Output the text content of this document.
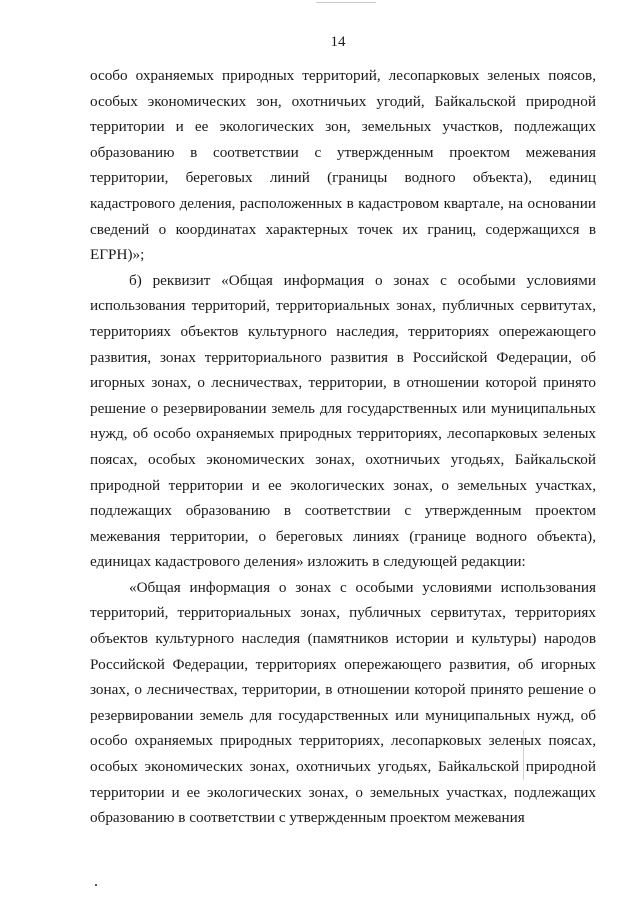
14

особо охраняемых природных территорий, лесопарковых зеленых поясов, особых экономических зон, охотничьих угодий, Байкальской природной территории и ее экологических зон, земельных участков, подлежащих образованию в соответствии с утвержденным проектом межевания территории, береговых линий (границы водного объекта), единиц кадастрового деления, расположенных в кадастровом квартале, на основании сведений о координатах характерных точек их границ, содержащихся в ЕГРН)»;

б) реквизит «Общая информация о зонах с особыми условиями использования территорий, территориальных зонах, публичных сервитутах, территориях объектов культурного наследия, территориях опережающего развития, зонах территориального развития в Российской Федерации, об игорных зонах, о лесничествах, территории, в отношении которой принято решение о резервировании земель для государственных или муниципальных нужд, об особо охраняемых природных территориях, лесопарковых зеленых поясах, особых экономических зонах, охотничьих угодьях, Байкальской природной территории и ее экологических зонах, о земельных участках, подлежащих образованию в соответствии с утвержденным проектом межевания территории, о береговых линиях (границе водного объекта), единицах кадастрового деления» изложить в следующей редакции:

«Общая информация о зонах с особыми условиями использования территорий, территориальных зонах, публичных сервитутах, территориях объектов культурного наследия (памятников истории и культуры) народов Российской Федерации, территориях опережающего развития, об игорных зонах, о лесничествах, территории, в отношении которой принято решение о резервировании земель для государственных или муниципальных нужд, об особо охраняемых природных территориях, лесопарковых зеленых поясах, особых экономических зонах, охотничьих угодьях, Байкальской природной территории и ее экологических зонах, о земельных участках, подлежащих образованию в соответствии с утвержденным проектом межевания
